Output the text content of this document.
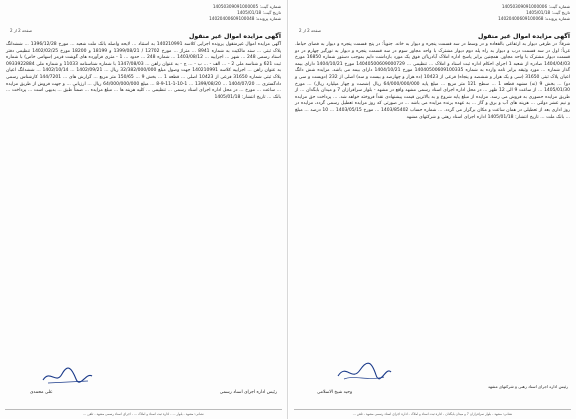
شماره گیت: 14050309091000005
تاریخ گیت: 1405/01/18
شماره پرونده: 14020400609100048
صفحه 2 از 2
آگهی مزایده اموال غیر منقول
آگهی مزایده اموال غیرمنقول پرونده اجرایی کلاسه 140210991 به استناد ... لایحه واصله بانک ملت شعبه ... مورخ 1396/12/28 ... ششدانگ پلاک ثبتی ... سند مالکیت به شماره 8941 ... متراژ ... مورخ 12702 / 1399/08/21 و 18199 و 18200 مورخ 1402/02/25 تنظیمی دفتر اسناد رسمی 248 ... شهر ... اجراییه ... 1403/08/12 ... شماره 248 ... حدود ... 1 - متری فرآورده های گوشت قرمز (سهامی خاص) با شماره ثبت 621 و شناسه ملی 2 - ... الف - ... ب - ... ج - به عنوان راهن ... 1347/08/03 با شماره شناسنامه 11033 و شماره ملی 0933922884 به عنوان راهن ... اجراییه کلاسه 140210991 جهت وصول مبلغ 32/382/000/000 ریال ... 1402/09/21 ... 1402/10/14 ... ششدانگ اعیان پلاک ثبتی شماره 31650 فرعی از 10423 اصلی ... قطعه 1 ... بخش 9 ... 150/65 متر مربع ... گزارش های ... 144/7201 کارشناس رسمی دادگستری ... 1404/07/20 ... 1399/08/20 ... 1-10-1-11-9-8 ... مبلغ 64/000/000/000 ریال ... ارزیابی ... و جهت فروش از طریق مزایده ... ساعت ... مورخ ... در محل اداره اجرای اسناد رسمی ... تنظیمی ... کلیه هزینه ها ... مبلغ مزایده ... ضمناً طبق ... بدیهی است ... پرداخت ... بانک ... تاریخ انتشار: 1405/01/18
علی محمدی	رئیس اداره اجرای اسناد رسمی
نشانی: مشهد - بلوار ... - اداره ثبت اسناد و املاک ... - اجرای اسناد رسمی مشهد - تلفن ...
شماره گیت: 14050309091000006
تاریخ گیت: 1405/01/18
شماره پرونده: 14020400609100068
صفحه 2 از 2
آگهی مزایده اموال غیر منقول
شرقاً: در طرفی دیوار به ارتفاعی بالفعاده و در وسط در سه قسمت پنجره و دیوار به خانه. جنوباً: در پنج قسمت پنجره و دیوار به فضای حیاط. غرباً: اول در سه قسمت درب و دیوار به راه پله دوم دیوار مشترک با واحد مجاور سوم در سه قسمت پنجره و دیوار به نورگیر چهارم در دو قسمت دیوار مشترک با واحد مجاور. همچنین برابر پاسخ اداره املاک آبادریا/ن فوق یک مورد بازداشت دایم بموجب دستور شماره 16850 مورخ 1404/04/03 صادره از شعبه 1 اجرای احکام اداره ثبت اسناد و املاک ... تنظیمی ... 14040500609000729 مورخ 1404/10/21 دارای بیمه گذار شماره ... مورد وثیقه برابر نامه وارده به شماره 14040500609100335 مورخ 1404/10/21 دارای بیمه می باشد. مزایده شش دانگ اعیان پلاک ثبتی 31650 (سی و یک هزار و ششصد و پنجاه) فرعی از 10423 (ده هزار و چهارصد و بیست و سه) اصلی از 232 (دویست و سی و دو) ... بخش 9 (نه) مشهد قطعه 1 ... سطح 121 متر مربع ... مبلغ پایه 64/000/000/000 ریال (شصت و چهار میلیارد ریال) ... مورخ 1405/01/30 ... از ساعت 9 الی 12 ظهر ... در محل اداره اجرای اسناد رسمی مشهد واقع در مشهد - بلوار سرافرازان 7 و میدان بابگدان ... از طریق مزایده حضوری به فروش می رسد. مزایده از مبلغ پایه شروع و به بالاترین قیمت پیشنهادی نقداً فروخته خواهد شد. ... پرداخت حق مزایده و نیم عشر دولتی ... هزینه های آب و برق و گاز ... به عهده برنده مزایده می باشد ... در صورتی که روز مزایده تعطیل رسمی گردد، مزایده در روز اداری بعد از تعطیلی در همان ساعت و مکان برگزار می گردد. ... شماره حساب 1403/85402 ... مورخ 1403/05/15 ... 10 درصد ... مبلغ ... بانک ملت ... تاریخ انتشار: 1405/01/18 اداره اجرای اسناد رهنی و شرکتهای مشهد
وحید شیخ الاسلامی
رئیس اداره اجرای اسناد رهنی و شرکتهای مشهد
نشانی: مشهد - بلوار سرافرازان 7 و میدان بابگدان - اداره ثبت اسناد و املاک - اداره اجرای اسناد رسمی مشهد - تلفن ...
